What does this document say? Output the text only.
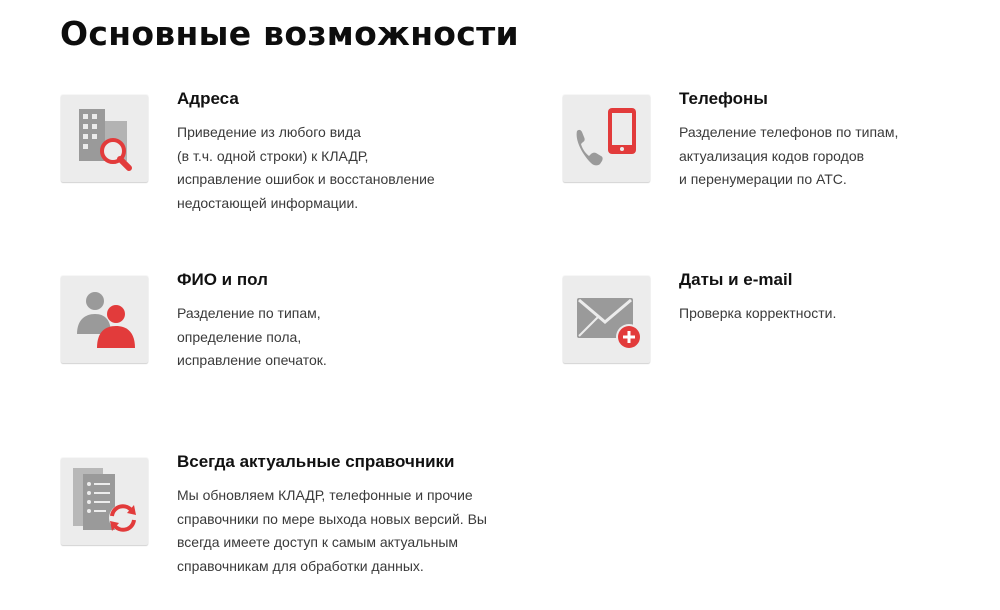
Основные возможности
Адреса
Приведение из любого вида
(в т.ч. одной строки) к КЛАДР,
исправление ошибок и восстановление
недостающей информации.
Телефоны
Разделение телефонов по типам,
актуализация кодов городов
и перенумерации по АТС.
ФИО и пол
Разделение по типам,
определение пола,
исправление опечаток.
Даты и e-mail
Проверка корректности.
Всегда актуальные справочники
Мы обновляем КЛАДР, телефонные и прочие
справочники по мере выхода новых версий. Вы
всегда имеете доступ к самым актуальным
справочникам для обработки данных.
